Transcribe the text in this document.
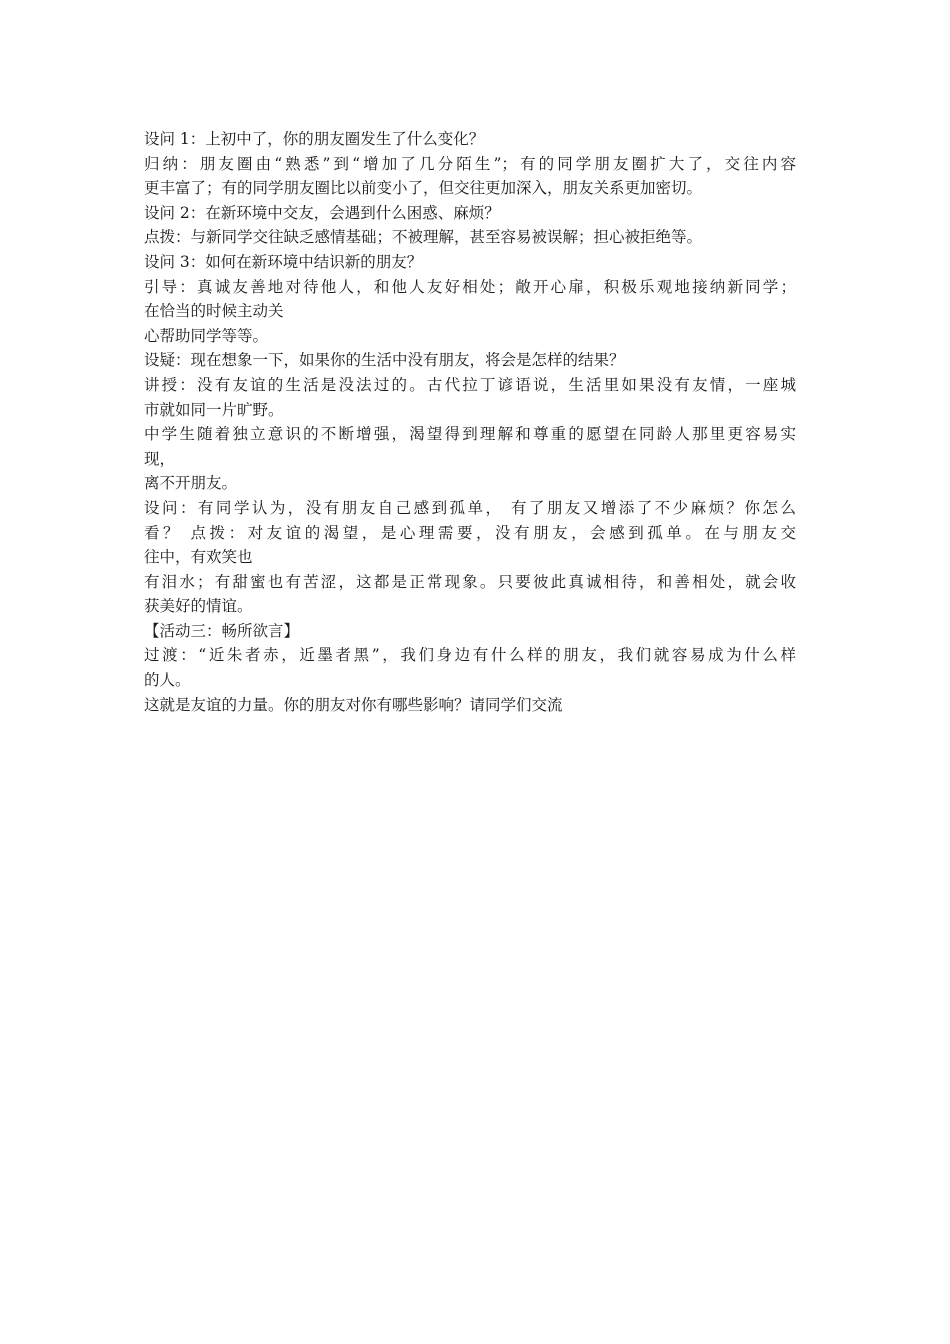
设问 1：上初中了，你的朋友圈发生了什么变化？
归纳：朋友圈由“熟悉”到“增加了几分陌生”；有的同学朋友圈扩大了，交往内容
更丰富了；有的同学朋友圈比以前变小了，但交往更加深入，朋友关系更加密切。
设问 2：在新环境中交友，会遇到什么困惑、麻烦？
点拨：与新同学交往缺乏感情基础；不被理解，甚至容易被误解；担心被拒绝等。
设问 3：如何在新环境中结识新的朋友？
引导：真诚友善地对待他人，和他人友好相处；敞开心扉，积极乐观地接纳新同学；
在恰当的时候主动关
心帮助同学等等。
设疑：现在想象一下，如果你的生活中没有朋友，将会是怎样的结果？
讲授：没有友谊的生活是没法过的。古代拉丁谚语说，生活里如果没有友情，一座城
市就如同一片旷野。
中学生随着独立意识的不断增强，渴望得到理解和尊重的愿望在同龄人那里更容易实
现，
离不开朋友。
设问：有同学认为，没有朋友自己感到孤单， 有了朋友又增添了不少麻烦？你怎么
看？ 点拨：对友谊的渴望，是心理需要，没有朋友，会感到孤单。在与朋友交
往中，有欢笑也
有泪水；有甜蜜也有苦涩，这都是正常现象。只要彼此真诚相待，和善相处，就会收
获美好的情谊。
【活动三：畅所欲言】
过渡：“近朱者赤，近墨者黑”，我们身边有什么样的朋友，我们就容易成为什么样
的人。
这就是友谊的力量。你的朋友对你有哪些影响？请同学们交流
